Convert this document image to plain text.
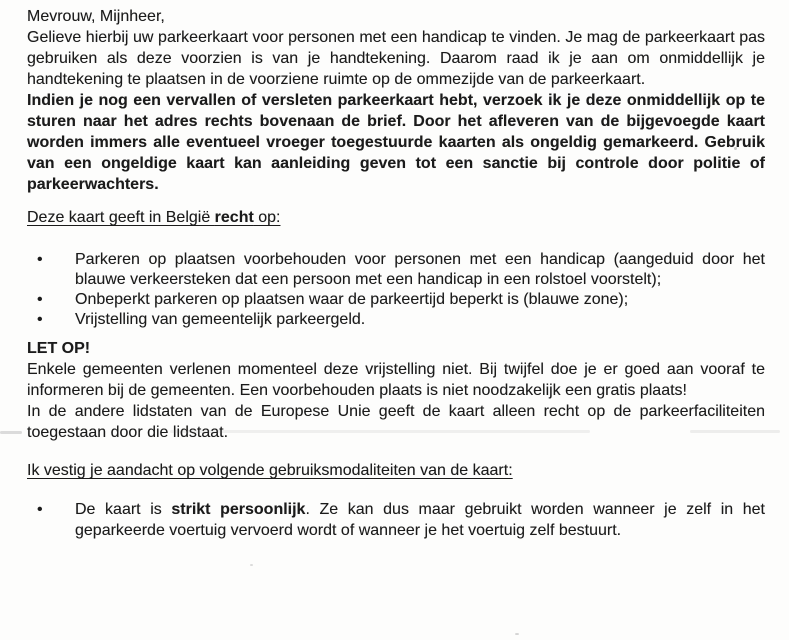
Mevrouw, Mijnheer,

Gelieve hierbij uw parkeerkaart voor personen met een handicap te vinden. Je mag de parkeerkaart pas gebruiken als deze voorzien is van je handtekening. Daarom raad ik je aan om onmiddellijk je handtekening te plaatsen in de voorziene ruimte op de ommezijde van de parkeerkaart.

Indien je nog een vervallen of versleten parkeerkaart hebt, verzoek ik je deze onmiddellijk op te sturen naar het adres rechts bovenaan de brief. Door het afleveren van de bijgevoegde kaart worden immers alle eventueel vroeger toegestuurde kaarten als ongeldig gemarkeerd. Gebruik van een ongeldige kaart kan aanleiding geven tot een sanctie bij controle door politie of parkeerwachters.

Deze kaart geeft in België recht op:

• Parkeren op plaatsen voorbehouden voor personen met een handicap (aangeduid door het blauwe verkeersteken dat een persoon met een handicap in een rolstoel voorstelt);
• Onbeperkt parkeren op plaatsen waar de parkeertijd beperkt is (blauwe zone);
• Vrijstelling van gemeentelijk parkeergeld.

LET OP!

Enkele gemeenten verlenen momenteel deze vrijstelling niet. Bij twijfel doe je er goed aan vooraf te informeren bij de gemeenten. Een voorbehouden plaats is niet noodzakelijk een gratis plaats!

In de andere lidstaten van de Europese Unie geeft de kaart alleen recht op de parkeerfaciliteiten toegestaan door die lidstaat.

Ik vestig je aandacht op volgende gebruiksmodaliteiten van de kaart:

• De kaart is strikt persoonlijk. Ze kan dus maar gebruikt worden wanneer je zelf in het geparkeerde voertuig vervoerd wordt of wanneer je het voertuig zelf bestuurt.
